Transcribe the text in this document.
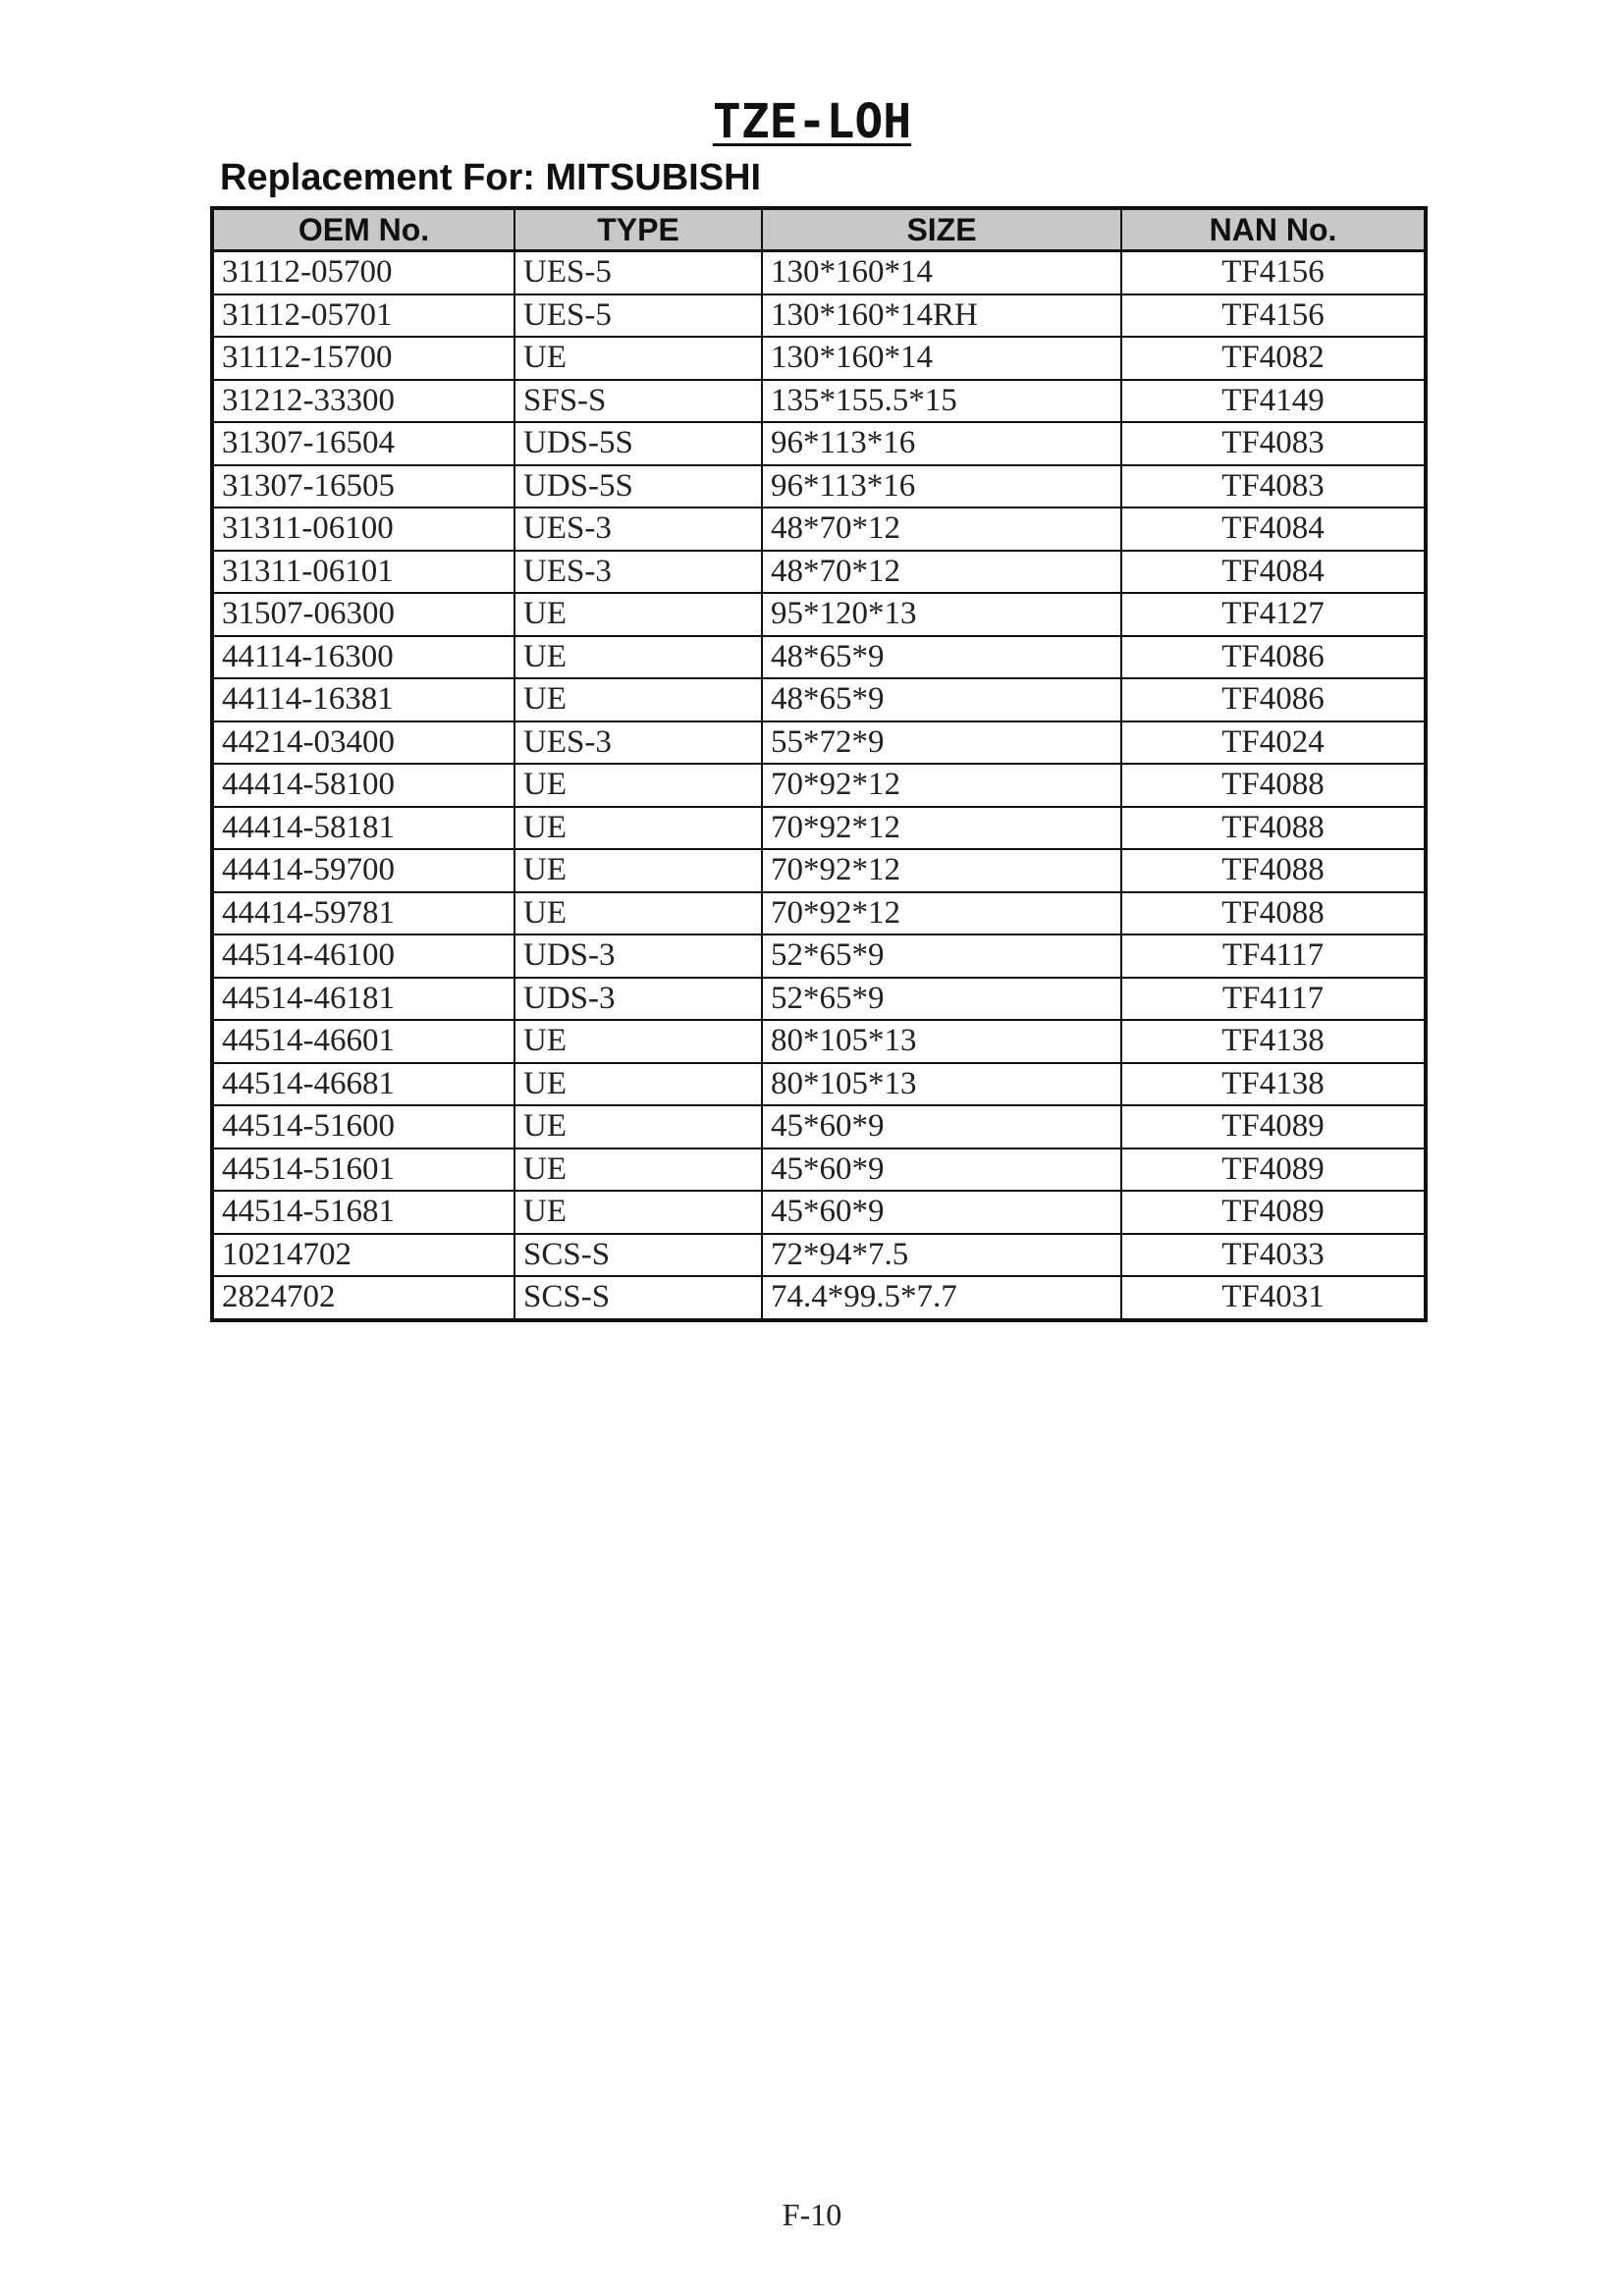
TZE-LOH
Replacement For: MITSUBISHI
OEM No.	TYPE	SIZE	NAN No.
31112-05700	UES-5	130*160*14	TF4156
31112-05701	UES-5	130*160*14RH	TF4156
31112-15700	UE	130*160*14	TF4082
31212-33300	SFS-S	135*155.5*15	TF4149
31307-16504	UDS-5S	96*113*16	TF4083
31307-16505	UDS-5S	96*113*16	TF4083
31311-06100	UES-3	48*70*12	TF4084
31311-06101	UES-3	48*70*12	TF4084
31507-06300	UE	95*120*13	TF4127
44114-16300	UE	48*65*9	TF4086
44114-16381	UE	48*65*9	TF4086
44214-03400	UES-3	55*72*9	TF4024
44414-58100	UE	70*92*12	TF4088
44414-58181	UE	70*92*12	TF4088
44414-59700	UE	70*92*12	TF4088
44414-59781	UE	70*92*12	TF4088
44514-46100	UDS-3	52*65*9	TF4117
44514-46181	UDS-3	52*65*9	TF4117
44514-46601	UE	80*105*13	TF4138
44514-46681	UE	80*105*13	TF4138
44514-51600	UE	45*60*9	TF4089
44514-51601	UE	45*60*9	TF4089
44514-51681	UE	45*60*9	TF4089
10214702	SCS-S	72*94*7.5	TF4033
2824702	SCS-S	74.4*99.5*7.7	TF4031
F-10
